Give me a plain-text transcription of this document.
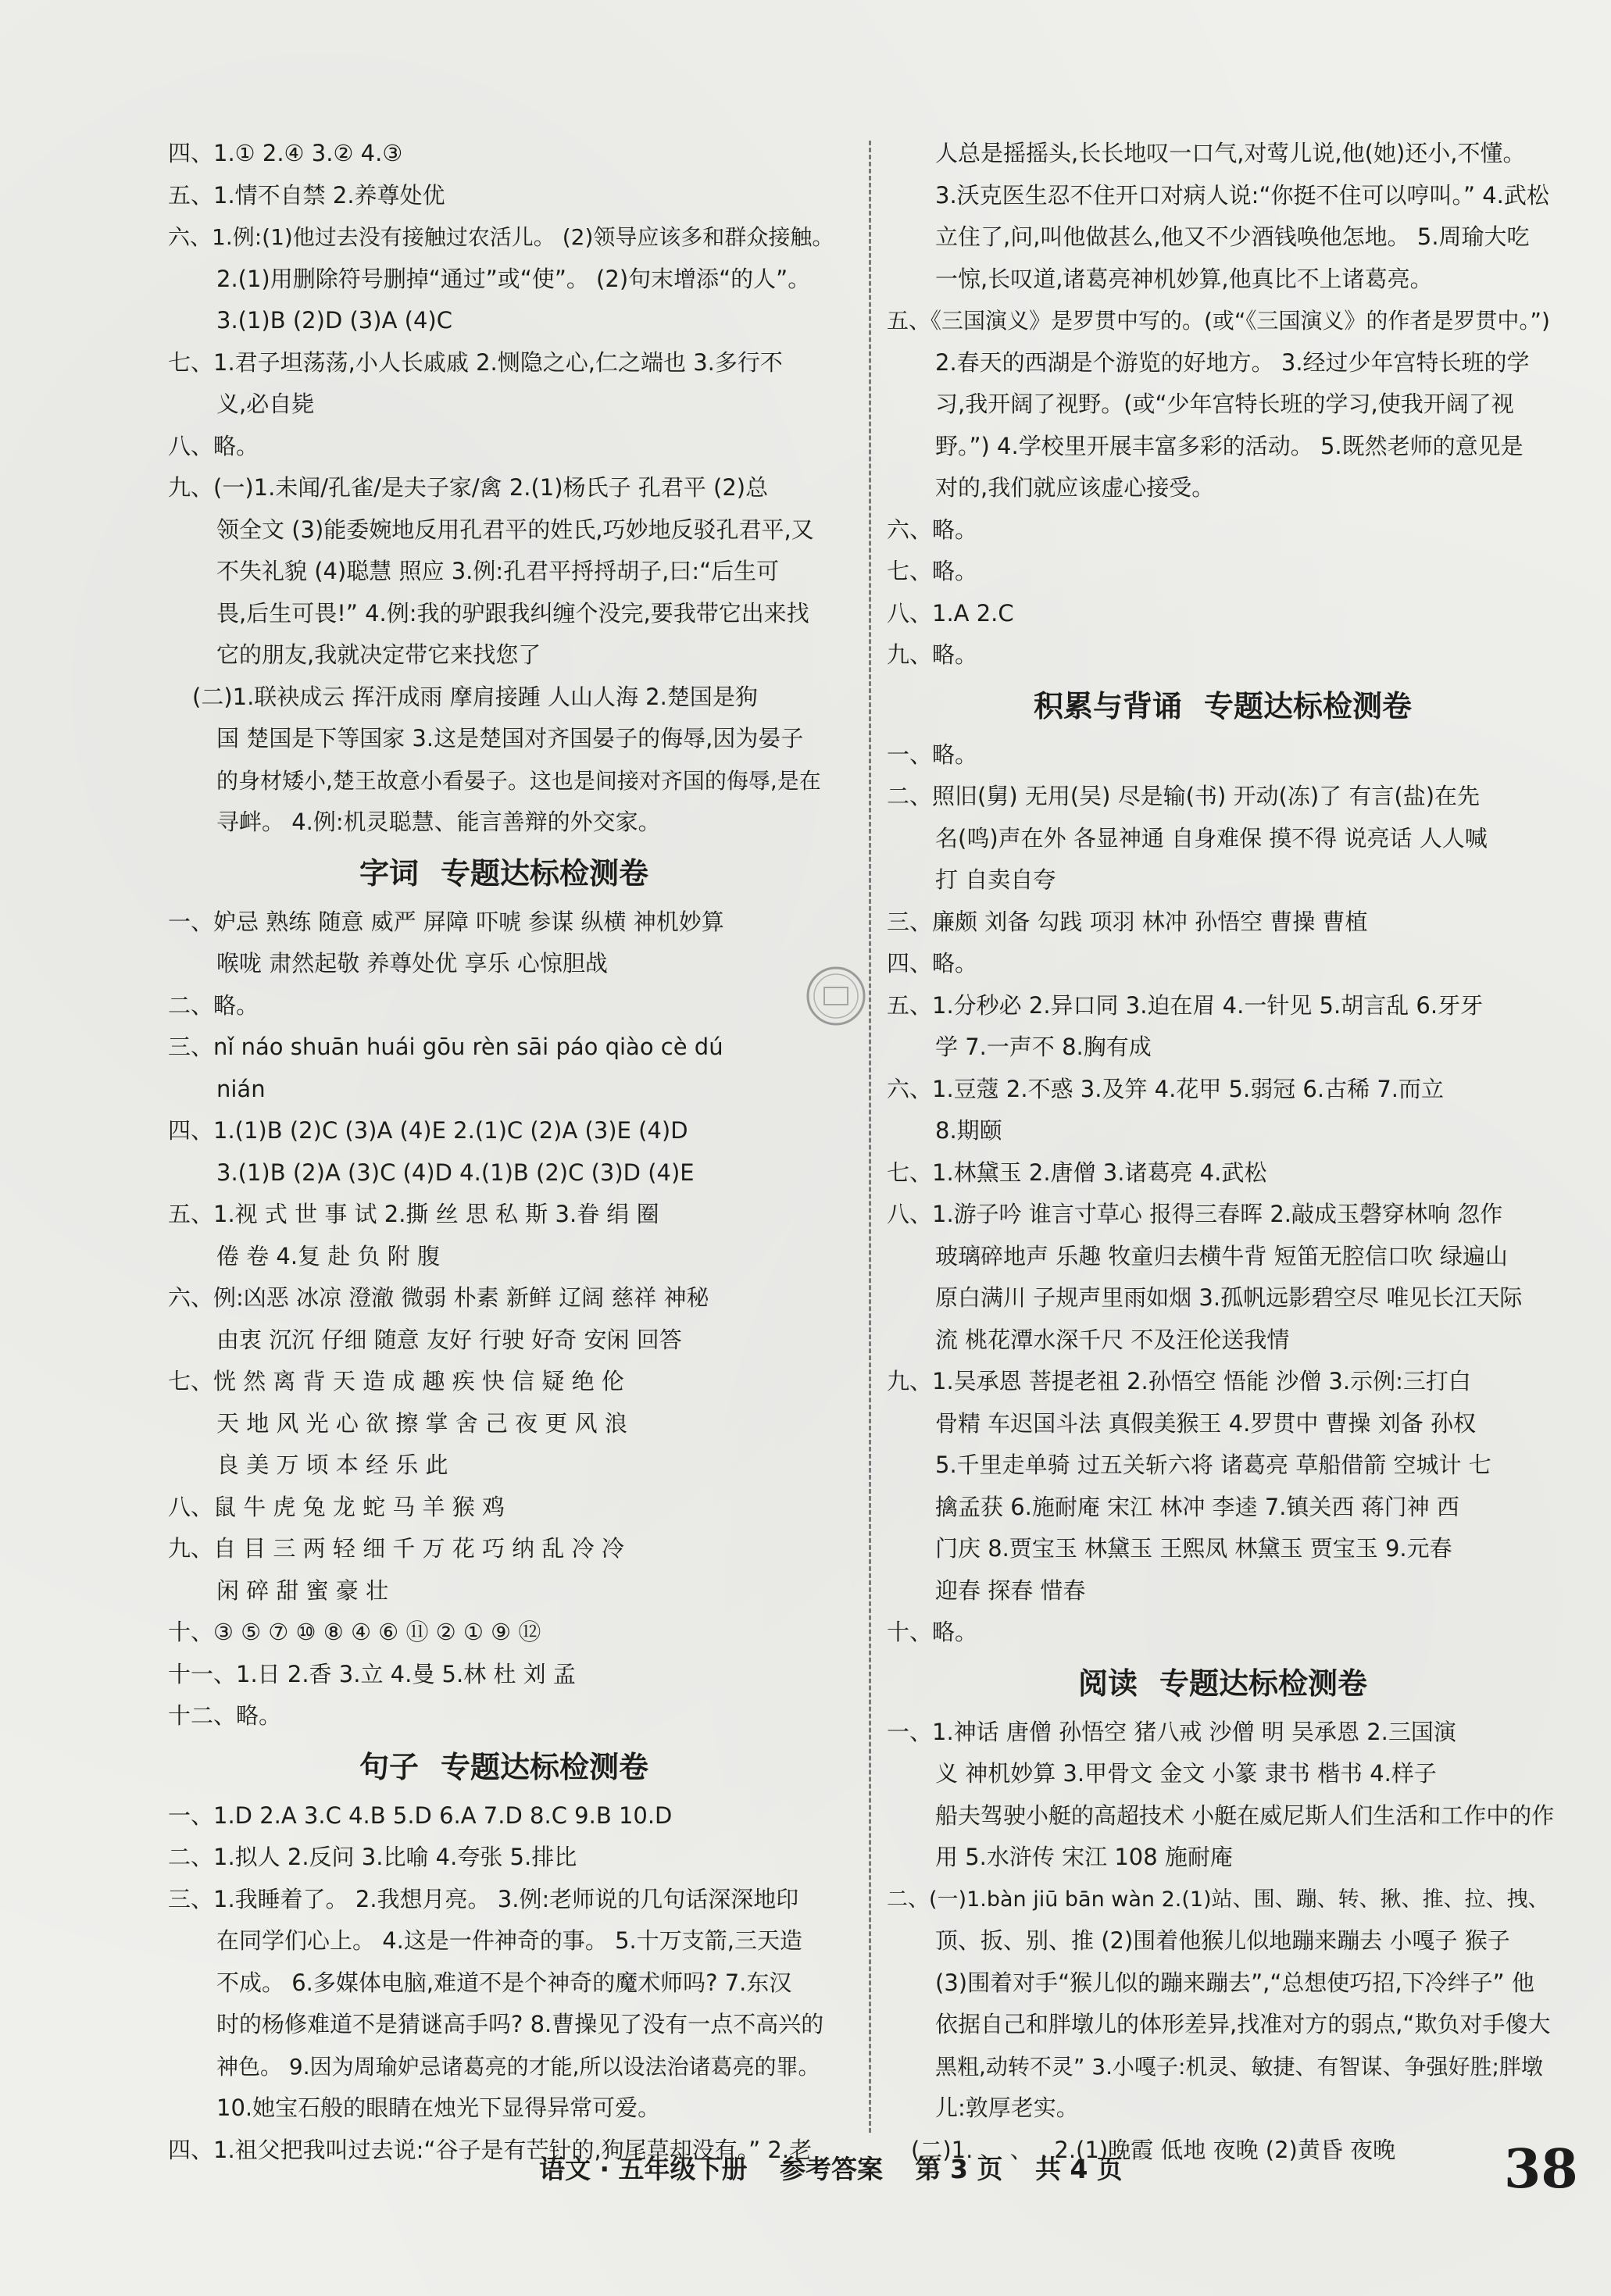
四、1.① 2.④ 3.② 4.③

五、1.情不自禁 2.养尊处优

六、1.例:(1)他过去没有接触过农活儿。 (2)领导应该多和群众接触。

2.(1)用删除符号删掉“通过”或“使”。 (2)句末增添“的人”。

3.(1)B (2)D (3)A (4)C

七、1.君子坦荡荡,小人长戚戚 2.恻隐之心,仁之端也 3.多行不

义,必自毙

八、略。

九、(一)1.未闻/孔雀/是夫子家/禽 2.(1)杨氏子 孔君平 (2)总

领全文 (3)能委婉地反用孔君平的姓氏,巧妙地反驳孔君平,又

不失礼貌 (4)聪慧 照应 3.例:孔君平捋捋胡子,曰:“后生可

畏,后生可畏!” 4.例:我的驴跟我纠缠个没完,要我带它出来找

它的朋友,我就决定带它来找您了

(二)1.联袂成云 挥汗成雨 摩肩接踵 人山人海 2.楚国是狗

国 楚国是下等国家 3.这是楚国对齐国晏子的侮辱,因为晏子

的身材矮小,楚王故意小看晏子。这也是间接对齐国的侮辱,是在

寻衅。 4.例:机灵聪慧、能言善辩的外交家。

字词 专题达标检测卷

一、妒忌 熟练 随意 威严 屏障 吓唬 参谋 纵横 神机妙算

喉咙 肃然起敬 养尊处优 享乐 心惊胆战

二、略。

三、nǐ náo shuān huái gōu rèn sāi páo qiào cè dú

nián

四、1.(1)B (2)C (3)A (4)E 2.(1)C (2)A (3)E (4)D

3.(1)B (2)A (3)C (4)D 4.(1)B (2)C (3)D (4)E

五、1.视 式 世 事 试 2.撕 丝 思 私 斯 3.眷 绢 圈

倦 卷 4.复 赴 负 附 腹

六、例:凶恶 冰凉 澄澈 微弱 朴素 新鲜 辽阔 慈祥 神秘

由衷 沉沉 仔细 随意 友好 行驶 好奇 安闲 回答

七、恍 然 离 背 天 造 成 趣 疾 快 信 疑 绝 伦

天 地 风 光 心 欲 擦 掌 舍 己 夜 更 风 浪

良 美 万 顷 本 经 乐 此

八、鼠 牛 虎 兔 龙 蛇 马 羊 猴 鸡

九、自 目 三 两 轻 细 千 万 花 巧 纳 乱 冷 冷

闲 碎 甜 蜜 豪 壮

十、③ ⑤ ⑦ ⑩ ⑧ ④ ⑥ ⑪ ② ① ⑨ ⑫

十一、1.日 2.香 3.立 4.曼 5.林 杜 刘 孟

十二、略。

句子 专题达标检测卷

一、1.D 2.A 3.C 4.B 5.D 6.A 7.D 8.C 9.B 10.D

二、1.拟人 2.反问 3.比喻 4.夸张 5.排比

三、1.我睡着了。 2.我想月亮。 3.例:老师说的几句话深深地印

在同学们心上。 4.这是一件神奇的事。 5.十万支箭,三天造

不成。 6.多媒体电脑,难道不是个神奇的魔术师吗? 7.东汉

时的杨修难道不是猜谜高手吗? 8.曹操见了没有一点不高兴的

神色。 9.因为周瑜妒忌诸葛亮的才能,所以设法治诸葛亮的罪。

10.她宝石般的眼睛在烛光下显得异常可爱。

四、1.祖父把我叫过去说:“谷子是有芒针的,狗尾草却没有。” 2.老

人总是摇摇头,长长地叹一口气,对莺儿说,他(她)还小,不懂。

3.沃克医生忍不住开口对病人说:“你挺不住可以哼叫。” 4.武松

立住了,问,叫他做甚么,他又不少酒钱唤他怎地。 5.周瑜大吃

一惊,长叹道,诸葛亮神机妙算,他真比不上诸葛亮。

五、《三国演义》是罗贯中写的。(或“《三国演义》的作者是罗贯中。”)

2.春天的西湖是个游览的好地方。 3.经过少年宫特长班的学

习,我开阔了视野。(或“少年宫特长班的学习,使我开阔了视

野。”) 4.学校里开展丰富多彩的活动。 5.既然老师的意见是

对的,我们就应该虚心接受。

六、略。

七、略。

八、1.A 2.C

九、略。

积累与背诵 专题达标检测卷

一、略。

二、照旧(舅) 无用(吴) 尽是输(书) 开动(冻)了 有言(盐)在先

名(鸣)声在外 各显神通 自身难保 摸不得 说亮话 人人喊

打 自卖自夸

三、廉颇 刘备 勾践 项羽 林冲 孙悟空 曹操 曹植

四、略。

五、1.分秒必 2.异口同 3.迫在眉 4.一针见 5.胡言乱 6.牙牙

学 7.一声不 8.胸有成

六、1.豆蔻 2.不惑 3.及笄 4.花甲 5.弱冠 6.古稀 7.而立

8.期颐

七、1.林黛玉 2.唐僧 3.诸葛亮 4.武松

八、1.游子吟 谁言寸草心 报得三春晖 2.敲成玉磬穿林响 忽作

玻璃碎地声 乐趣 牧童归去横牛背 短笛无腔信口吹 绿遍山

原白满川 子规声里雨如烟 3.孤帆远影碧空尽 唯见长江天际

流 桃花潭水深千尺 不及汪伦送我情

九、1.吴承恩 菩提老祖 2.孙悟空 悟能 沙僧 3.示例:三打白

骨精 车迟国斗法 真假美猴王 4.罗贯中 曹操 刘备 孙权

5.千里走单骑 过五关斩六将 诸葛亮 草船借箭 空城计 七

擒孟获 6.施耐庵 宋江 林冲 李逵 7.镇关西 蒋门神 西

门庆 8.贾宝玉 林黛玉 王熙凤 林黛玉 贾宝玉 9.元春

迎春 探春 惜春

十、略。

阅读 专题达标检测卷

一、1.神话 唐僧 孙悟空 猪八戒 沙僧 明 吴承恩 2.三国演

义 神机妙算 3.甲骨文 金文 小篆 隶书 楷书 4.样子

船夫驾驶小艇的高超技术 小艇在威尼斯人们生活和工作中的作

用 5.水浒传 宋江 108 施耐庵

二、(一)1.bàn jiū bān wàn 2.(1)站、围、蹦、转、揪、推、拉、拽、

顶、扳、别、推 (2)围着他猴儿似地蹦来蹦去 小嘎子 猴子

(3)围着对手“猴儿似的蹦来蹦去”,“总想使巧招,下冷绊子” 他

依据自己和胖墩儿的体形差异,找准对方的弱点,“欺负对手傻大

黑粗,动转不灵” 3.小嘎子:机灵、敏捷、有智谋、争强好胜;胖墩

儿:敦厚老实。

(二)1. 、 、 , 2.(1)晚霞 低地 夜晚 (2)黄昏 夜晚

语文 · 五年级下册 参考答案 第 3 页 共 4 页	38
